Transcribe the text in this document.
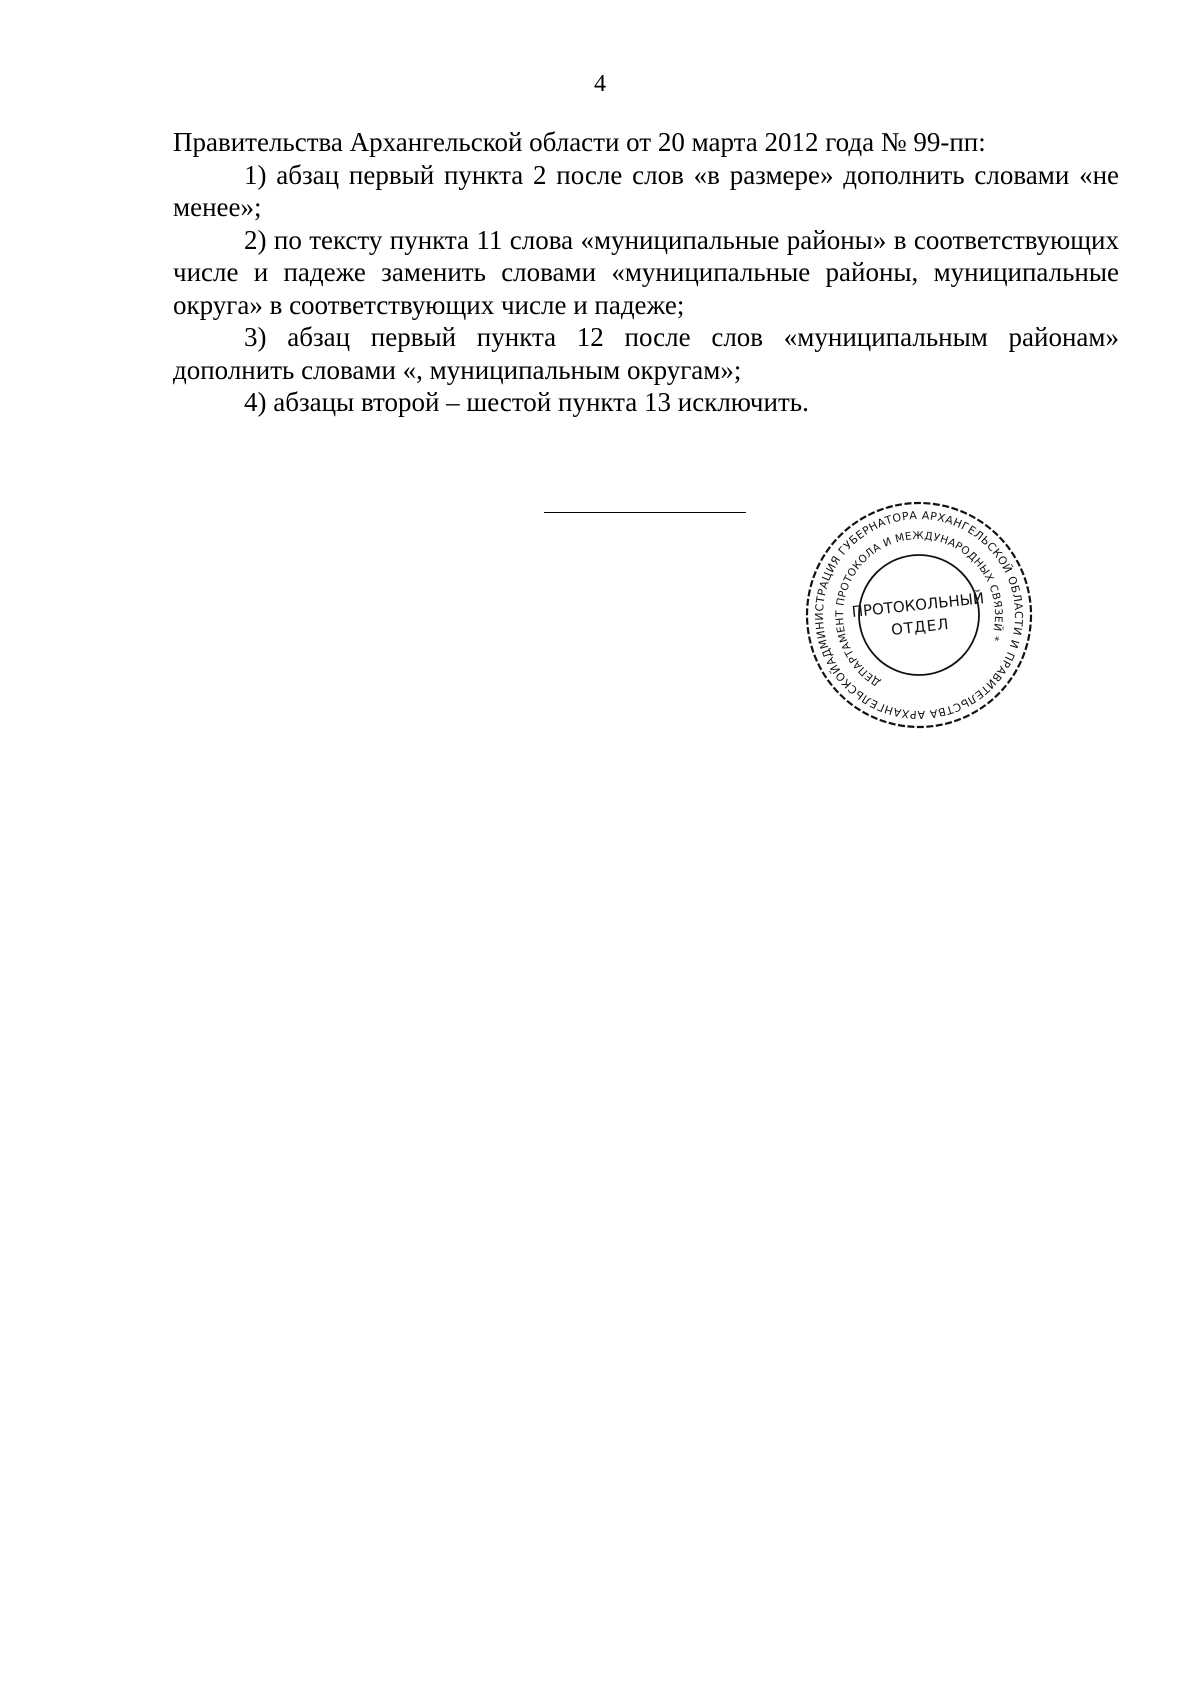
4

Правительства Архангельской области от 20 марта 2012 года № 99-пп:

1) абзац первый пункта 2 после слов «в размере» дополнить словами «не менее»;

2) по тексту пункта 11 слова «муниципальные районы» в соответствующих числе и падеже заменить словами «муниципальные районы, муниципальные округа» в соответствующих числе и падеже;

3) абзац первый пункта 12 после слов «муниципальным районам» дополнить словами «, муниципальным округам»;

4) абзацы второй – шестой пункта 13 исключить.

АДМИНИСТРАЦИЯ ГУБЕРНАТОРА АРХАНГЕЛЬСКОЙ ОБЛАСТИ И ПРАВИТЕЛЬСТВА АРХАНГЕЛЬСКОЙ
ДЕПАРТАМЕНТ ПРОТОКОЛА И МЕЖДУНАРОДНЫХ СВЯЗЕЙ *
ПРОТОКОЛЬНЫЙ
ОТДЕЛ
